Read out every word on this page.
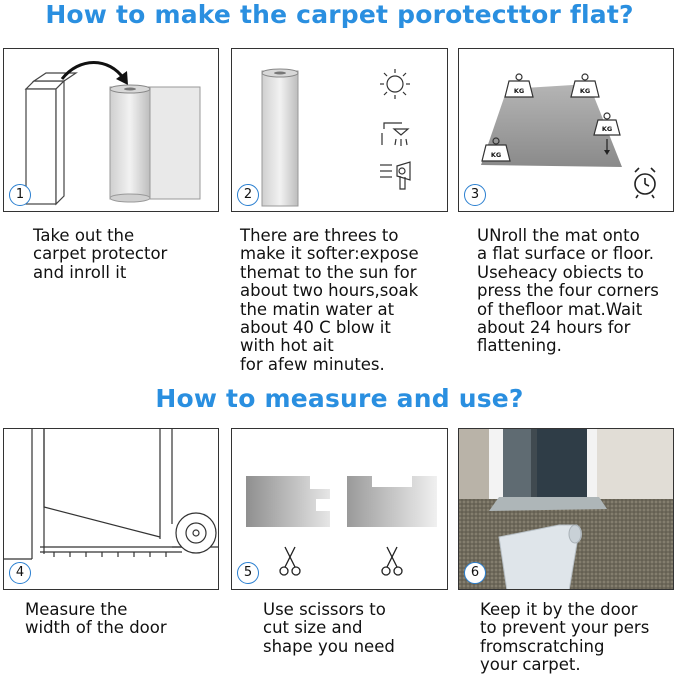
How to make the carpet porotecttor flat?
1	2
KG	KG
KG
KG
3
Take out the
carpet protector
and inroll it
There are threes to
make it softer:expose
themat to the sun for
about two hours,soak
the matin water at
about 40 C blow it
with hot ait
for afew minutes.
UNroll the mat onto
a flat surface or floor.
Useheacy obiects to
press the four corners
of thefloor mat.Wait
about 24 hours for
flattening.
How to measure and use?
4	5	6
Measure the
width of the door
Use scissors to
cut size and
shape you need
Keep it by the door
to prevent your pers
fromscratching
your carpet.
